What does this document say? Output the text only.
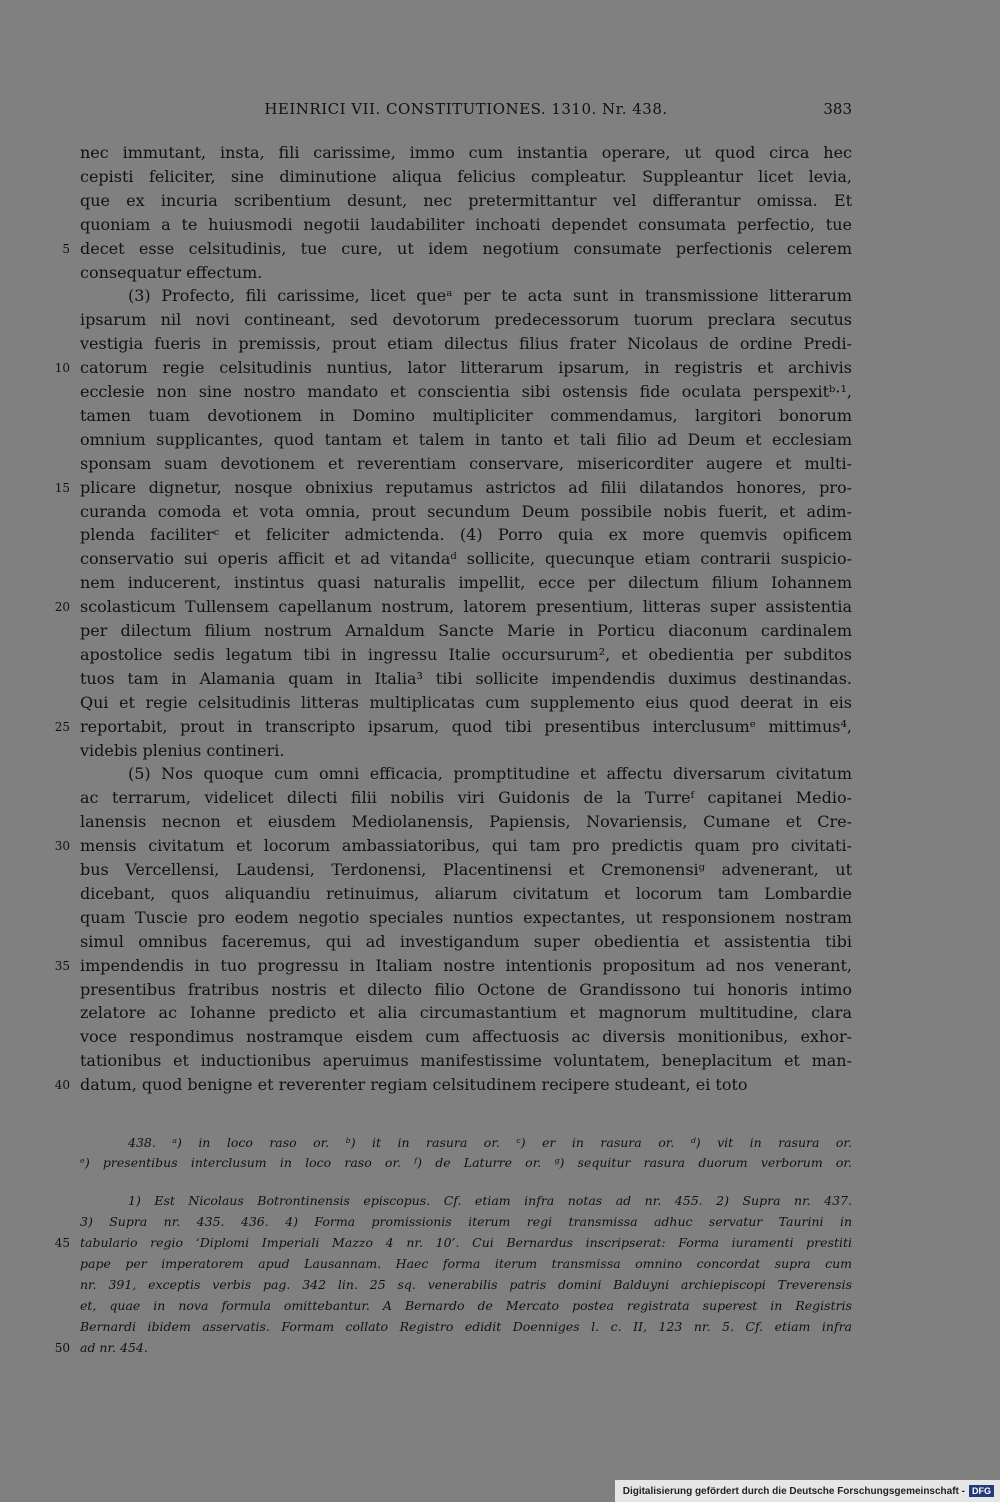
HEINRICI VII. CONSTITUTIONES. 1310. Nr. 438.	383
nec immutant, insta, fili carissime, immo cum instantia operare, ut quod circa hec
cepisti feliciter, sine diminutione aliqua felicius compleatur. Suppleantur licet levia,
que ex incuria scribentium desunt, nec pretermittantur vel differantur omissa. Et
quoniam a te huiusmodi negotii laudabiliter inchoati dependet consumata perfectio, tue
5 decet esse celsitudinis, tue cure, ut idem negotium consumate perfectionis celerem
consequatur effectum.
(3) Profecto, fili carissime, licet queᵃ per te acta sunt in transmissione litterarum
ipsarum nil novi contineant, sed devotorum predecessorum tuorum preclara secutus
vestigia fueris in premissis, prout etiam dilectus filius frater Nicolaus de ordine Predi-
10 catorum regie celsitudinis nuntius, lator litterarum ipsarum, in registris et archivis
ecclesie non sine nostro mandato et conscientia sibi ostensis fide oculata perspexitᵇ·¹,
tamen tuam devotionem in Domino multipliciter commendamus, largitori bonorum
omnium supplicantes, quod tantam et talem in tanto et tali filio ad Deum et ecclesiam
sponsam suam devotionem et reverentiam conservare, misericorditer augere et multi-
15 plicare dignetur, nosque obnixius reputamus astrictos ad filii dilatandos honores, pro-
curanda comoda et vota omnia, prout secundum Deum possibile nobis fuerit, et adim-
plenda faciliterᶜ et feliciter admictenda. (4) Porro quia ex more quemvis opificem
conservatio sui operis afficit et ad vitandaᵈ sollicite, quecunque etiam contrarii suspicio-
nem inducerent, instintus quasi naturalis impellit, ecce per dilectum filium Iohannem
20 scolasticum Tullensem capellanum nostrum, latorem presentium, litteras super assistentia
per dilectum filium nostrum Arnaldum Sancte Marie in Porticu diaconum cardinalem
apostolice sedis legatum tibi in ingressu Italie occursurum², et obedientia per subditos
tuos tam in Alamania quam in Italia³ tibi sollicite impendendis duximus destinandas.
Qui et regie celsitudinis litteras multiplicatas cum supplemento eius quod deerat in eis
25 reportabit, prout in transcripto ipsarum, quod tibi presentibus interclusumᵉ mittimus⁴,
videbis plenius contineri.
(5) Nos quoque cum omni efficacia, promptitudine et affectu diversarum civitatum
ac terrarum, videlicet dilecti filii nobilis viri Guidonis de la Turreᶠ capitanei Medio-
lanensis necnon et eiusdem Mediolanensis, Papiensis, Novariensis, Cumane et Cre-
30 mensis civitatum et locorum ambassiatoribus, qui tam pro predictis quam pro civitati-
bus Vercellensi, Laudensi, Terdonensi, Placentinensi et Cremonensiᵍ advenerant, ut
dicebant, quos aliquandiu retinuimus, aliarum civitatum et locorum tam Lombardie
quam Tuscie pro eodem negotio speciales nuntios expectantes, ut responsionem nostram
simul omnibus faceremus, qui ad investigandum super obedientia et assistentia tibi
35 impendendis in tuo progressu in Italiam nostre intentionis propositum ad nos venerant,
presentibus fratribus nostris et dilecto filio Octone de Grandissono tui honoris intimo
zelatore ac Iohanne predicto et alia circumastantium et magnorum multitudine, clara
voce respondimus nostramque eisdem cum affectuosis ac diversis monitionibus, exhor-
tationibus et inductionibus aperuimus manifestissime voluntatem, beneplacitum et man-
40 datum, quod benigne et reverenter regiam celsitudinem recipere studeant, ei toto
438. ᵃ) in loco raso or. ᵇ) it in rasura or. ᶜ) er in rasura or. ᵈ) vit in rasura or.
ᵉ) presentibus interclusum in loco raso or. ᶠ) de Laturre or. ᵍ) sequitur rasura duorum verborum or.
1) Est Nicolaus Botrontinensis episcopus. Cf. etiam infra notas ad nr. 455. 2) Supra nr. 437.
3) Supra nr. 435. 436. 4) Forma promissionis iterum regi transmissa adhuc servatur Taurini in
45 tabulario regio ‘Diplomi Imperiali Mazzo 4 nr. 10’. Cui Bernardus inscripserat: Forma iuramenti prestiti
pape per imperatorem apud Lausannam. Haec forma iterum transmissa omnino concordat supra cum
nr. 391, exceptis verbis pag. 342 lin. 25 sq. venerabilis patris domini Balduyni archiepiscopi Treverensis
et, quae in nova formula omittebantur. A Bernardo de Mercato postea registrata superest in Registris
Bernardi ibidem asservatis. Formam collato Registro edidit Doenniges l. c. II, 123 nr. 5. Cf. etiam infra
50 ad nr. 454.
Digitalisierung gefördert durch die Deutsche Forschungsgemeinschaft - DFG
